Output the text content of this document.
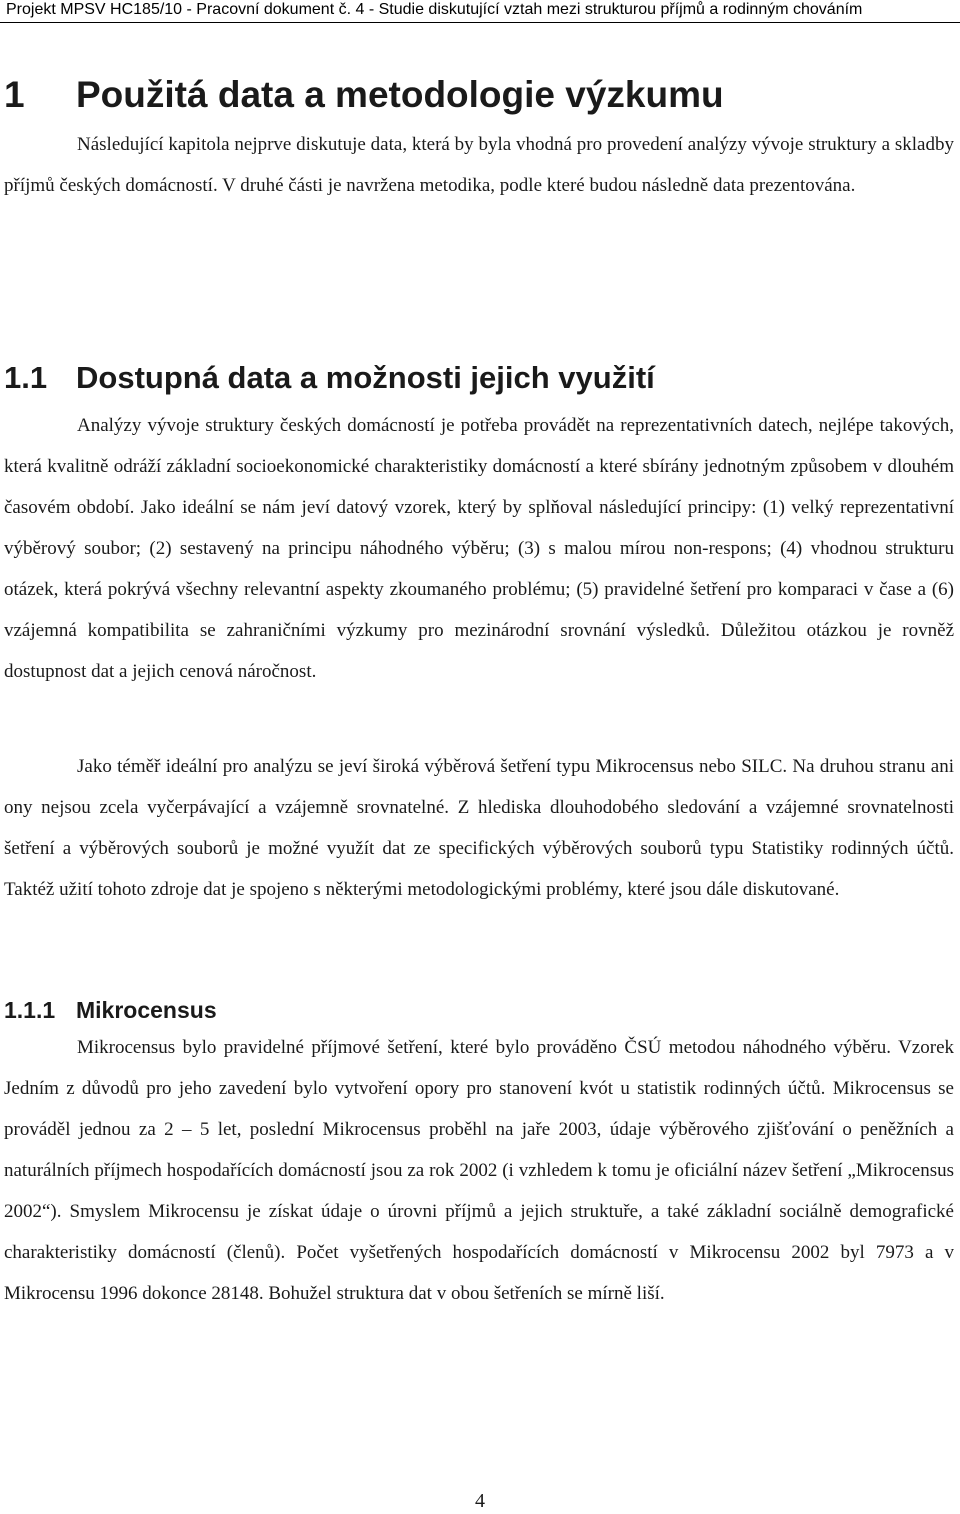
Projekt MPSV HC185/10 - Pracovní dokument č. 4 - Studie diskutující vztah mezi strukturou příjmů a rodinným chováním
1 Použitá data a metodologie výzkumu

Následující kapitola nejprve diskutuje data, která by byla vhodná pro provedení analýzy vývoje struktury a skladby příjmů českých domácností. V druhé části je navržena metodika, podle které budou následně data prezentována.

1.1 Dostupná data a možnosti jejich využití

Analýzy vývoje struktury českých domácností je potřeba provádět na reprezentativních datech, nejlépe takových, která kvalitně odráží základní socioekonomické charakteristiky domácností a které sbírány jednotným způsobem v dlouhém časovém období. Jako ideální se nám jeví datový vzorek, který by splňoval následující principy: (1) velký reprezentativní výběrový soubor; (2) sestavený na principu náhodného výběru; (3) s malou mírou non-respons; (4) vhodnou strukturu otázek, která pokrývá všechny relevantní aspekty zkoumaného problému; (5) pravidelné šetření pro komparaci v čase a (6) vzájemná kompatibilita se zahraničními výzkumy pro mezinárodní srovnání výsledků. Důležitou otázkou je rovněž dostupnost dat a jejich cenová náročnost.

Jako téměř ideální pro analýzu se jeví široká výběrová šetření typu Mikrocensus nebo SILC. Na druhou stranu ani ony nejsou zcela vyčerpávající a vzájemně srovnatelné. Z hlediska dlouhodobého sledování a vzájemné srovnatelnosti šetření a výběrových souborů je možné využít dat ze specifických výběrových souborů typu Statistiky rodinných účtů. Taktéž užití tohoto zdroje dat je spojeno s některými metodologickými problémy, které jsou dále diskutované.

1.1.1 Mikrocensus

Mikrocensus bylo pravidelné příjmové šetření, které bylo prováděno ČSÚ metodou náhodného výběru. Vzorek Jedním z důvodů pro jeho zavedení bylo vytvoření opory pro stanovení kvót u statistik rodinných účtů. Mikrocensus se prováděl jednou za 2 – 5 let, poslední Mikrocensus proběhl na jaře 2003, údaje výběrového zjišťování o peněžních a naturálních příjmech hospodařících domácností jsou za rok 2002 (i vzhledem k tomu je oficiální název šetření „Mikrocensus 2002“). Smyslem Mikrocensu je získat údaje o úrovni příjmů a jejich struktuře, a také základní sociálně demografické charakteristiky domácností (členů). Počet vyšetřených hospodařících domácností v Mikrocensu 2002 byl 7973 a v Mikrocensu 1996 dokonce 28148. Bohužel struktura dat v obou šetřeních se mírně liší.

4
